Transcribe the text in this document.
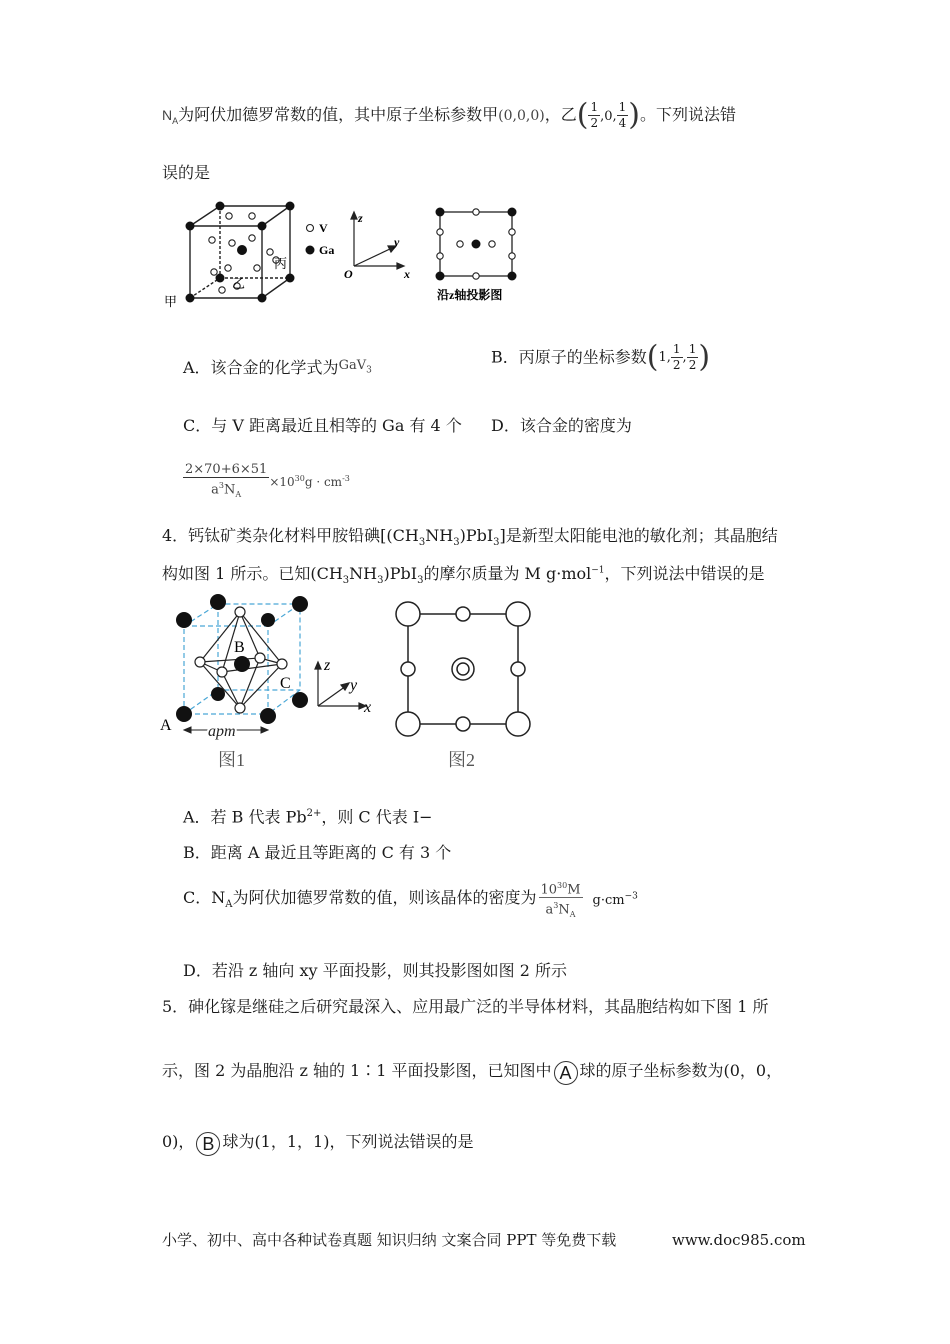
$N_A$为阿伏加德罗常数的值，其中原子坐标参数甲(0,0,0)，乙( $\frac{1}{2} ,0$, $\frac{1}{4}$ )。下列说法错
误的是
丙
乙
甲
V
Ga
z
y
x
O
沿z轴投影图
A．该合金的化学式为$^{GaV_3}$
B．丙原子的坐标参数(1, $\frac{1}{2}$ , $\frac{1}{2}$ )
C．与 V 距离最近且相等的 Ga 有 4 个 D．该合金的密度为
$\frac{2\times 70+6\times 51}{a^3N_A} \times 10^{30}g \cdot cm^{-3}$
4．钙钛矿类杂化材料甲胺铅碘$[(CH_3NH_3)PbI_3]$是新型太阳能电池的敏化剂；其晶胞结
构如图 1 所示。已知$(CH_3NH_3)PbI_3$的摩尔质量为 M g·mol$^{-1}$，下列说法中错误的是
B
C
A apm
图1
z
y
x
图2
A．若 B 代表 $Pb^{2+}$，则 C 代表 I−
B．距离 A 最近且等距离的 C 有 3 个
C．$N_A$为阿伏加德罗常数的值，则该晶体的密度为 $\frac{10^{30}M}{a^3N_A} g\cdot cm^{-3}$
D．若沿 z 轴向 xy 平面投影，则其投影图如图 2 所示
5．砷化镓是继硅之后研究最深入、应用最广泛的半导体材料，其晶胞结构如下图 1 所
示，图 2 为晶胞沿 z 轴的 1∶1 平面投影图，已知图中 A 球的原子坐标参数为(0，0，
0)， B 球为(1，1，1)，下列说法错误的是
小学、初中、高中各种试卷真题 知识归纳 文案合同 PPT 等免费下载	www.doc985.com
